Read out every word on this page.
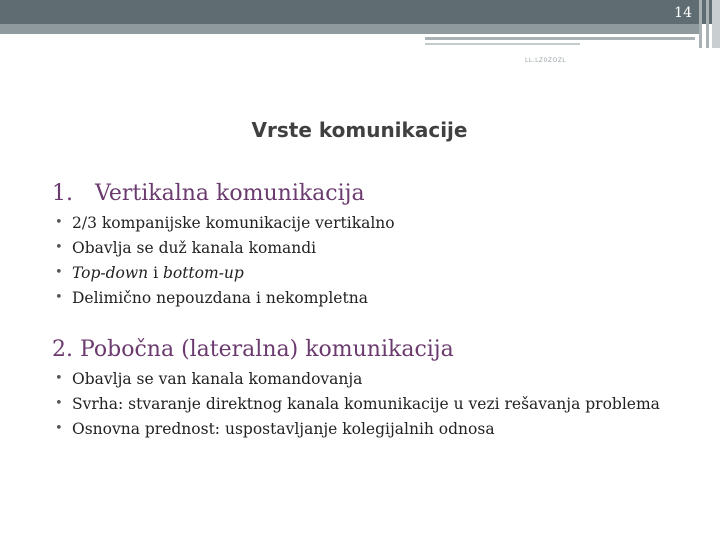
14
LL.LZ0ZOZL
Vrste komunikacije
1. Vertikalna komunikacija
• 2/3 kompanijske komunikacije vertikalno
• Obavlja se duž kanala komandi
• Top-down i bottom-up
• Delimično nepouzdana i nekompletna
2. Pobočna (lateralna) komunikacija
• Obavlja se van kanala komandovanja
• Svrha: stvaranje direktnog kanala komunikacije u vezi rešavanja problema
• Osnovna prednost: uspostavljanje kolegijalnih odnosa
